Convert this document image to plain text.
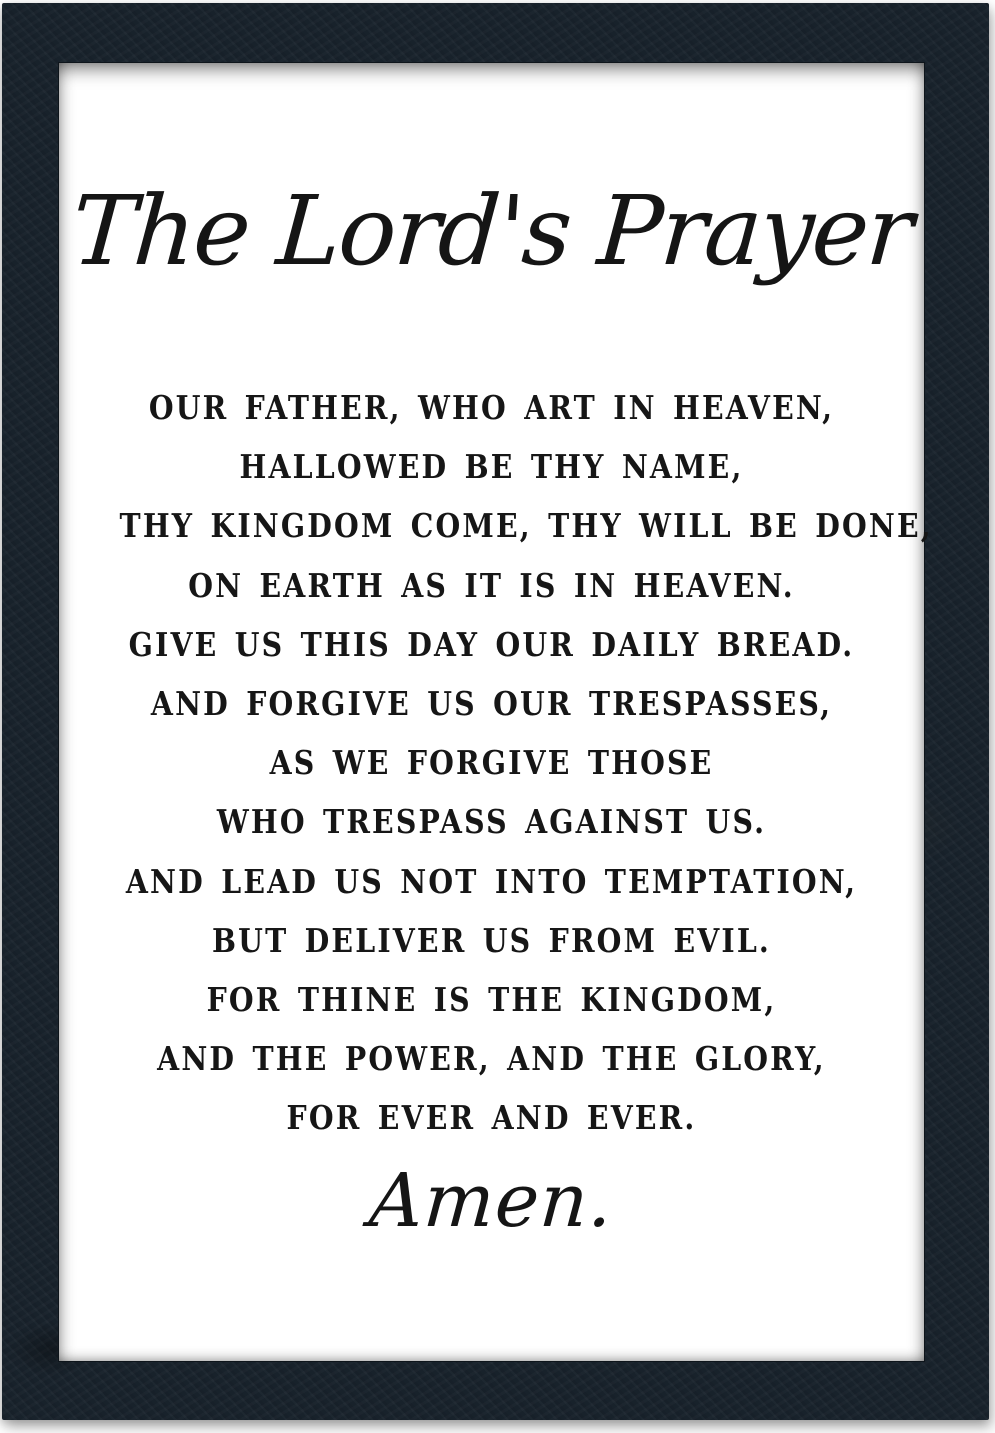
The Lord's Prayer
OUR FATHER, WHO ART IN HEAVEN,
HALLOWED BE THY NAME,
THY KINGDOM COME, THY WILL BE DONE,
ON EARTH AS IT IS IN HEAVEN.
GIVE US THIS DAY OUR DAILY BREAD.
AND FORGIVE US OUR TRESPASSES,
AS WE FORGIVE THOSE
WHO TRESPASS AGAINST US.
AND LEAD US NOT INTO TEMPTATION,
BUT DELIVER US FROM EVIL.
FOR THINE IS THE KINGDOM,
AND THE POWER, AND THE GLORY,
FOR EVER AND EVER.
Amen.
